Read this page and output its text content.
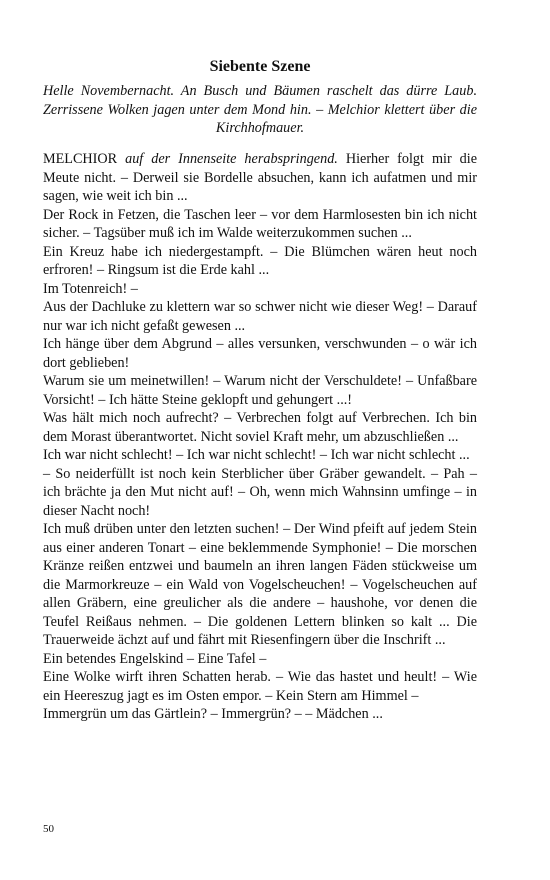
Siebente Szene

Helle Novembernacht. An Busch und Bäumen raschelt das dürre Laub. Zerrissene Wolken jagen unter dem Mond hin. – Melchior klettert über die Kirchhofmauer.

MELCHIOR auf der Innenseite herabspringend. Hierher folgt mir die Meute nicht. – Derweil sie Bordelle absuchen, kann ich aufatmen und mir sagen, wie weit ich bin ...

Der Rock in Fetzen, die Taschen leer – vor dem Harmlosesten bin ich nicht sicher. – Tagsüber muß ich im Walde weiterzukommen suchen ...

Ein Kreuz habe ich niedergestampft. – Die Blümchen wären heut noch erfroren! – Ringsum ist die Erde kahl ...

Im Totenreich! –

Aus der Dachluke zu klettern war so schwer nicht wie dieser Weg! – Darauf nur war ich nicht gefaßt gewesen ...

Ich hänge über dem Abgrund – alles versunken, verschwunden – o wär ich dort geblieben!

Warum sie um meinetwillen! – Warum nicht der Verschuldete! – Unfaßbare Vorsicht! – Ich hätte Steine geklopft und gehungert ...!

Was hält mich noch aufrecht? – Verbrechen folgt auf Verbrechen. Ich bin dem Morast überantwortet. Nicht soviel Kraft mehr, um abzuschließen ...

Ich war nicht schlecht! – Ich war nicht schlecht! – Ich war nicht schlecht ...

– So neiderfüllt ist noch kein Sterblicher über Gräber gewandelt. – Pah – ich brächte ja den Mut nicht auf! – Oh, wenn mich Wahnsinn umfinge – in dieser Nacht noch!

Ich muß drüben unter den letzten suchen! – Der Wind pfeift auf jedem Stein aus einer anderen Tonart – eine beklemmende Symphonie! – Die morschen Kränze reißen entzwei und baumeln an ihren langen Fäden stückweise um die Marmorkreuze – ein Wald von Vogelscheuchen! – Vogelscheuchen auf allen Gräbern, eine greulicher als die andere – haushohe, vor denen die Teufel Reißaus nehmen. – Die goldenen Lettern blinken so kalt ... Die Trauerweide ächzt auf und fährt mit Riesenfingern über die Inschrift ...

Ein betendes Engelskind – Eine Tafel –

Eine Wolke wirft ihren Schatten herab. – Wie das hastet und heult! – Wie ein Heereszug jagt es im Osten empor. – Kein Stern am Himmel –

Immergrün um das Gärtlein? – Immergrün? – – Mädchen ...

50
